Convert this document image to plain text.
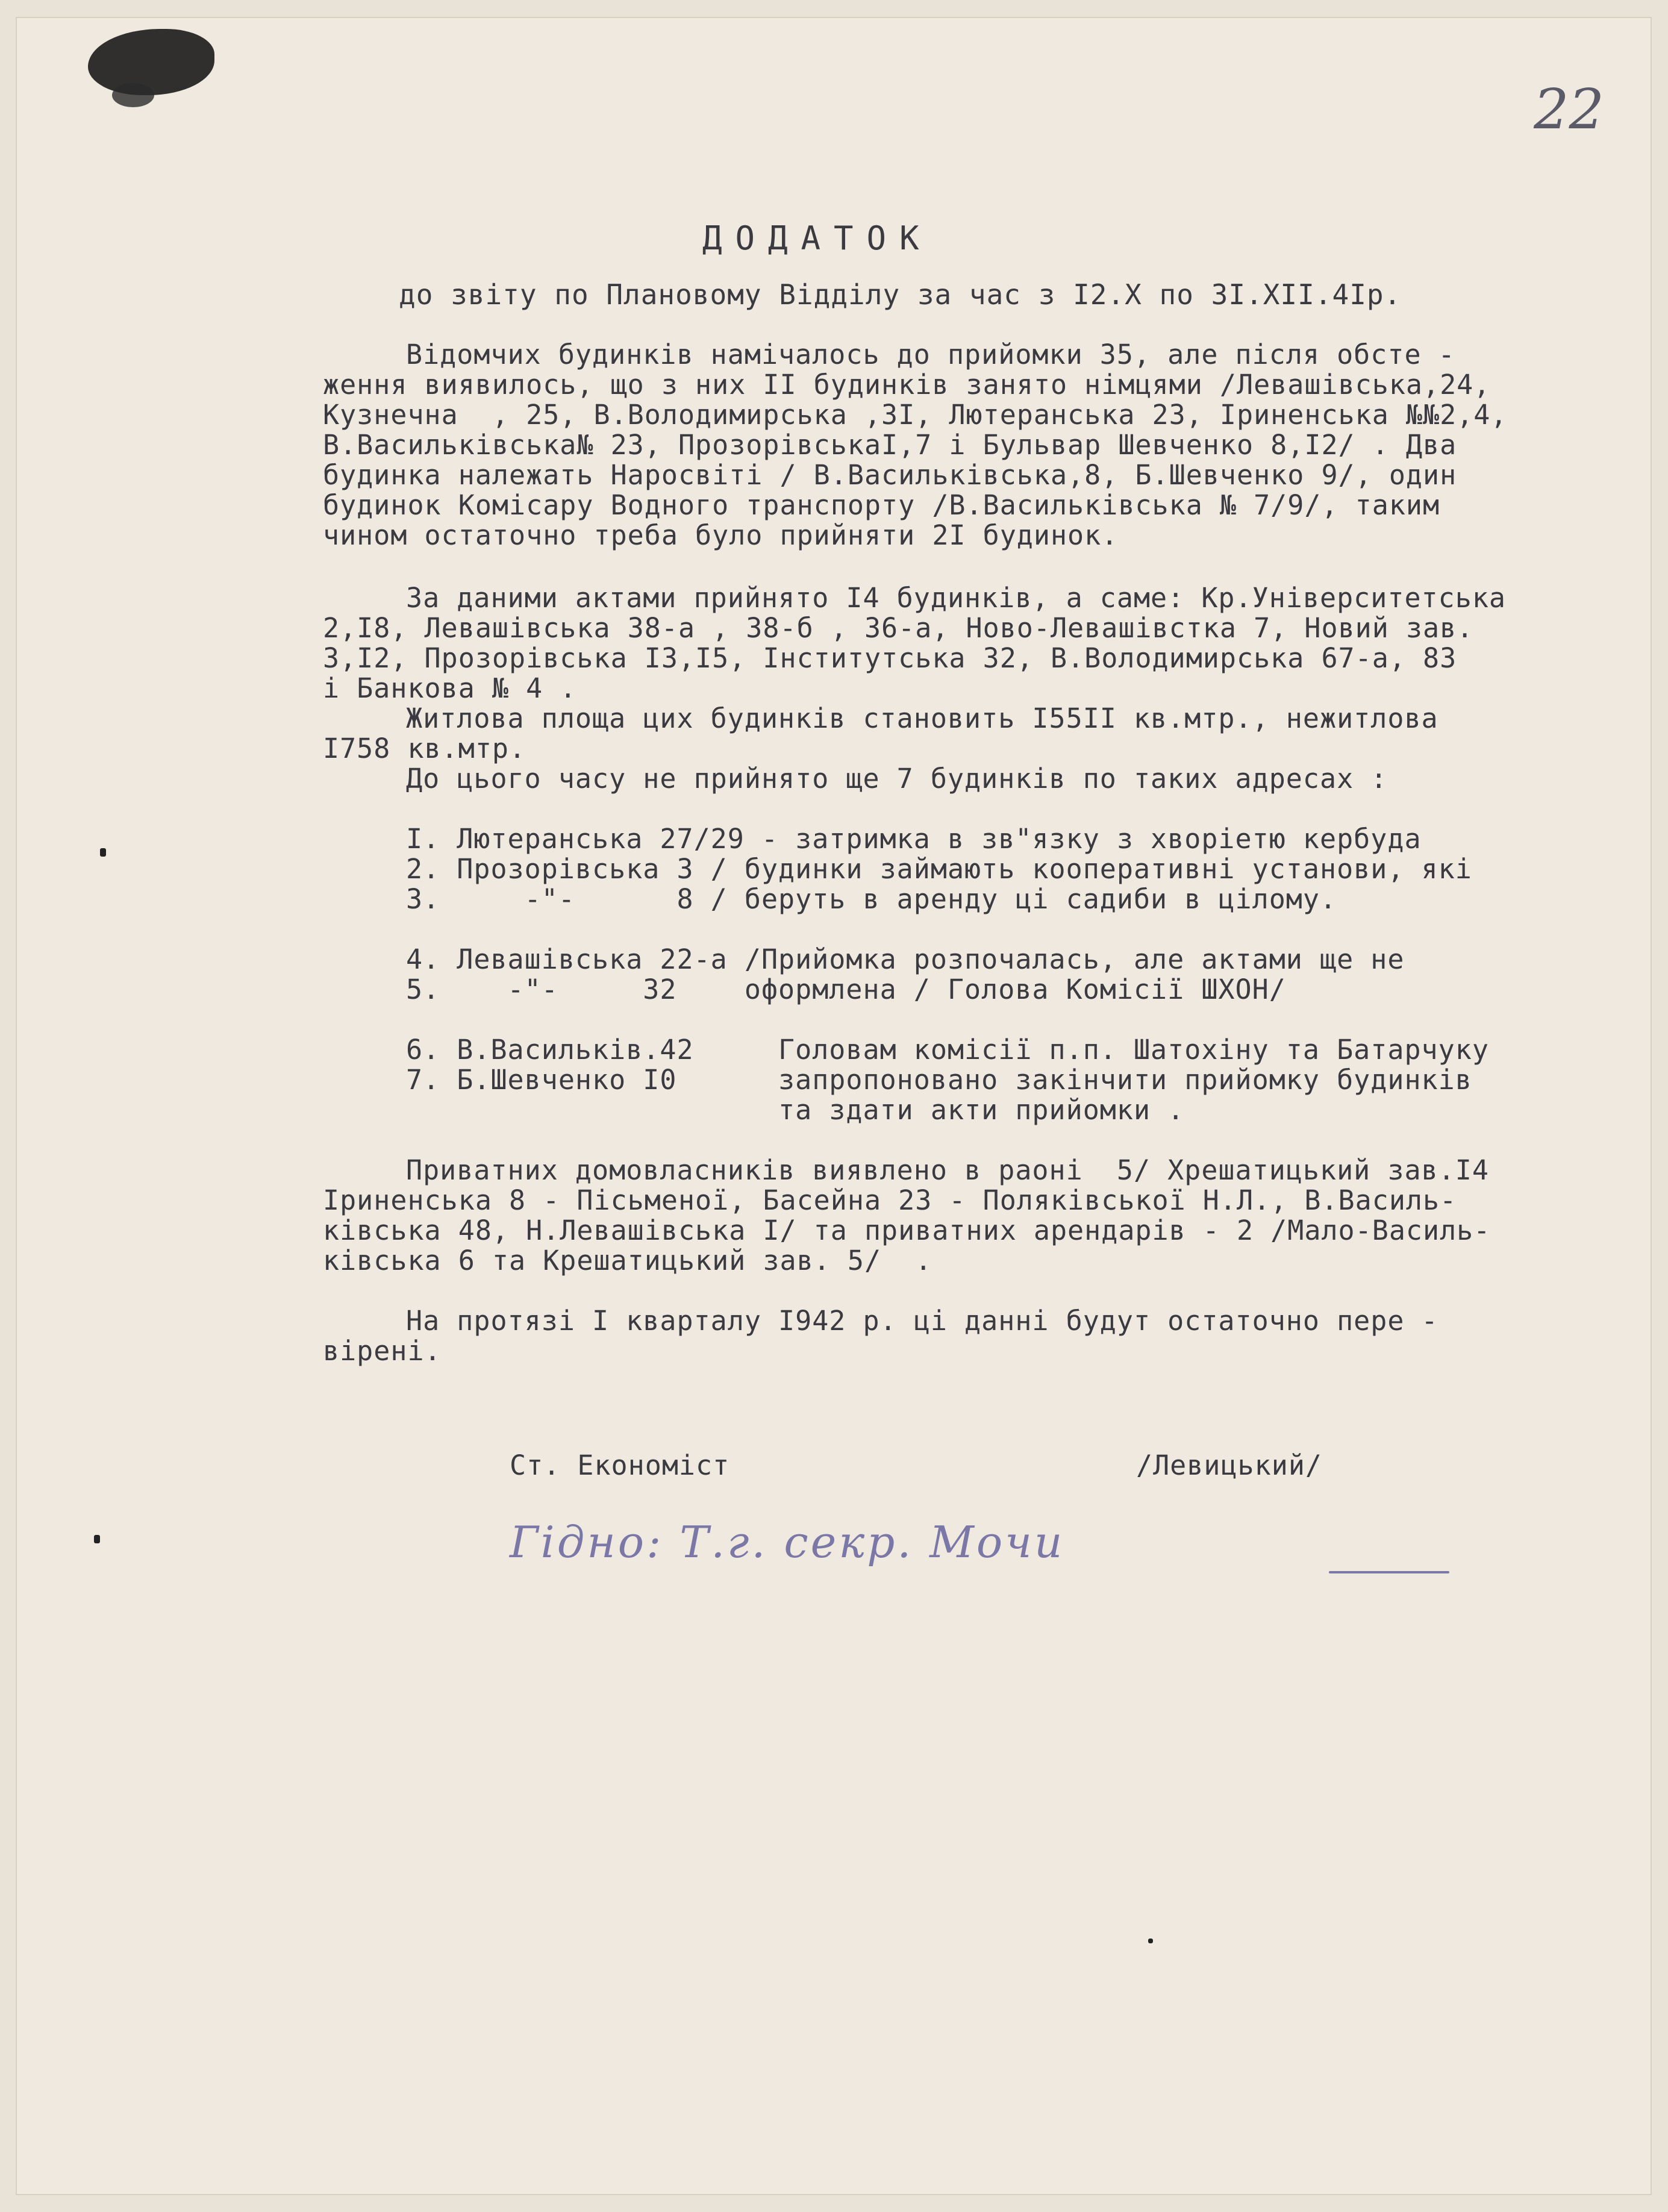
22
ДОДАТОК
до звіту по Плановому Відділу за час з І2.Х по ЗІ.ХІІ.4Ір.
Відомчих будинків намічалось до прийомки 35, але після обсте -
ження виявилось, що з них II будинків занято німцями /Левашівська,24,
Кузнечна  , 25, В.Володимирська ,3І, Лютеранська 23, Іриненська №№2,4,
В.Васильківська№ 23, ПрозорівськаІ,7 і Бульвар Шевченко 8,І2/ . Два
будинка належать Наросвіті / В.Васильківська,8, Б.Шевченко 9/, один
будинок Комісару Водного транспорту /В.Васильківська № 7/9/, таким
чином остаточно треба було прийняти 2І будинок.
За даними актами прийнято І4 будинків, а саме: Кр.Університетська
2,І8, Левашівська 38-а , 38-б , 36-а, Ново-Левашівстка 7, Новий зав.
3,І2, Прозорівська ІЗ,І5, Інститутська 32, В.Володимирська 67-а, 83
і Банкова № 4 .
Житлова площа цих будинків становить І55ІІ кв.мтр., нежитлова
І758 кв.мтр.
До цього часу не прийнято ще 7 будинків по таких адресах :
І. Лютеранська 27/29 - затримка в зв"язку з хворіетю кербуда
2. Прозорівська 3 / будинки займають кооперативні установи, які
3.     -"-      8 / беруть в аренду ці садиби в цілому.
4. Левашівська 22-а /Прийомка розпочалась, але актами ще не
5.    -"-     32    оформлена / Голова Комісії ШХОН/
6. В.Васильків.42     Головам комісії п.п. Шатохіну та Батарчуку
7. Б.Шевченко І0      запропоновано закінчити прийомку будинків
та здати акти прийомки .
Приватних домовласників виявлено в раоні  5/ Хрешатицький зав.І4
Іриненська 8 - Пісьменої, Басейна 23 - Поляківської Н.Л., В.Василь-
ківська 48, Н.Левашівська І/ та приватних арендарів - 2 /Мало-Василь-
ківська 6 та Крешатицький зав. 5/  .
На протязі І кварталу І942 р. ці данні будут остаточно пере -
вірені.
Ст. Економіст	/Левицький/
Гідно: Т.г. секр. Мочи
